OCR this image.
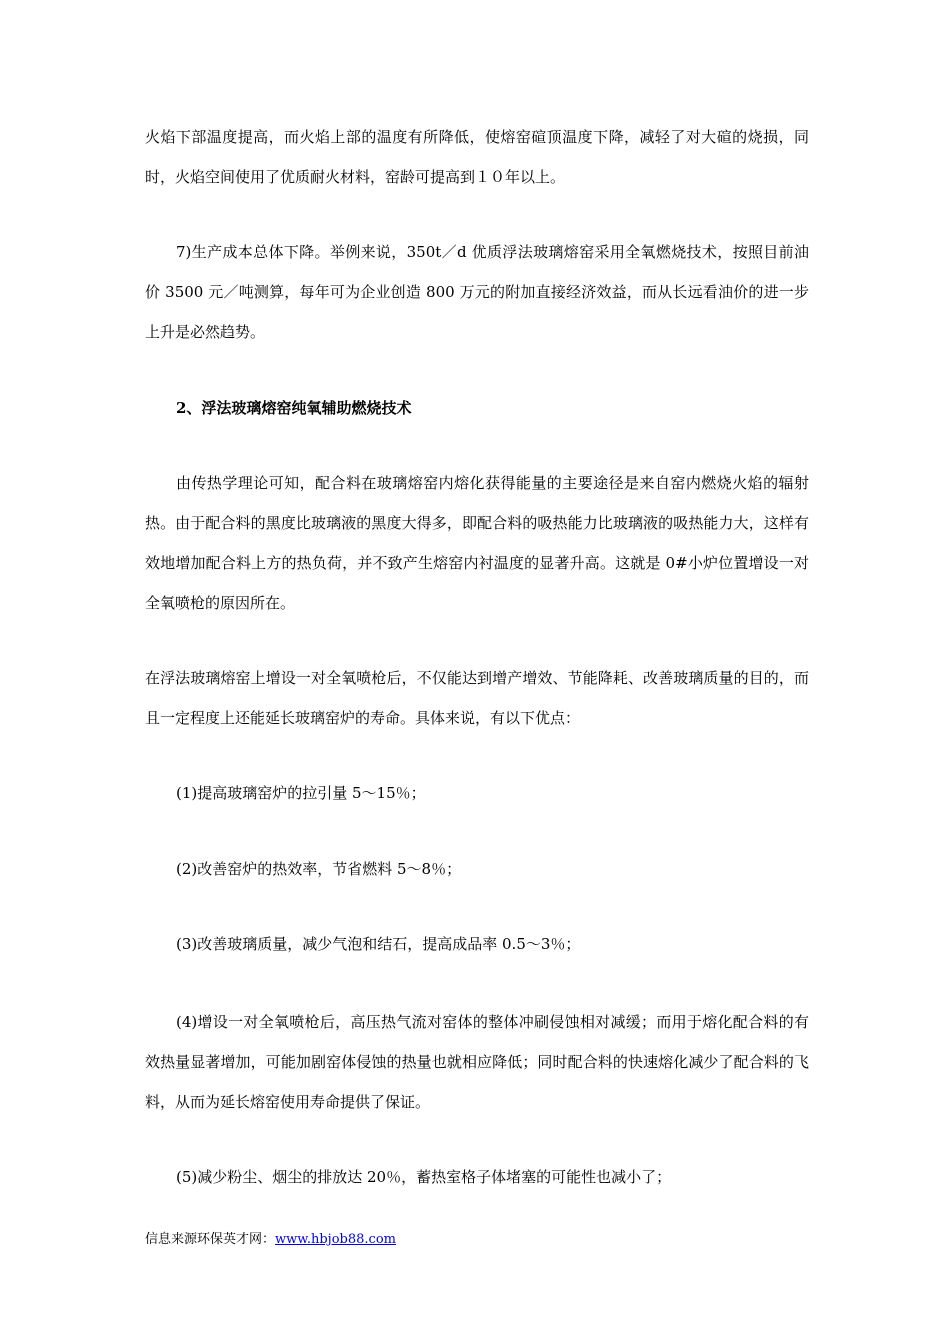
火焰下部温度提高，而火焰上部的温度有所降低，使熔窑碹顶温度下降，减轻了对大碹的烧损，同时，火焰空间使用了优质耐火材料，窑龄可提高到１０年以上。

7)生产成本总体下降。举例来说，350t／d 优质浮法玻璃熔窑采用全氧燃烧技术，按照目前油价 3500 元／吨测算，每年可为企业创造 800 万元的附加直接经济效益，而从长远看油价的进一步上升是必然趋势。

2、浮法玻璃熔窑纯氧辅助燃烧技术

由传热学理论可知，配合料在玻璃熔窑内熔化获得能量的主要途径是来自窑内燃烧火焰的辐射热。由于配合料的黑度比玻璃液的黑度大得多，即配合料的吸热能力比玻璃液的吸热能力大，这样有效地增加配合料上方的热负荷，并不致产生熔窑内衬温度的显著升高。这就是 0#小炉位置增设一对全氧喷枪的原因所在。

在浮法玻璃熔窑上增设一对全氧喷枪后，不仅能达到增产增效、节能降耗、改善玻璃质量的目的，而且一定程度上还能延长玻璃窑炉的寿命。具体来说，有以下优点：

(1)提高玻璃窑炉的拉引量 5～15％；

(2)改善窑炉的热效率，节省燃料 5～8％；

(3)改善玻璃质量，减少气泡和结石，提高成品率 0.5～3％；

(4)增设一对全氧喷枪后，高压热气流对窑体的整体冲刷侵蚀相对减缓；而用于熔化配合料的有效热量显著增加，可能加剧窑体侵蚀的热量也就相应降低；同时配合料的快速熔化减少了配合料的飞料，从而为延长熔窑使用寿命提供了保证。

(5)减少粉尘、烟尘的排放达 20％，蓄热室格子体堵塞的可能性也减小了；

信息来源环保英才网：www.hbjob88.com
